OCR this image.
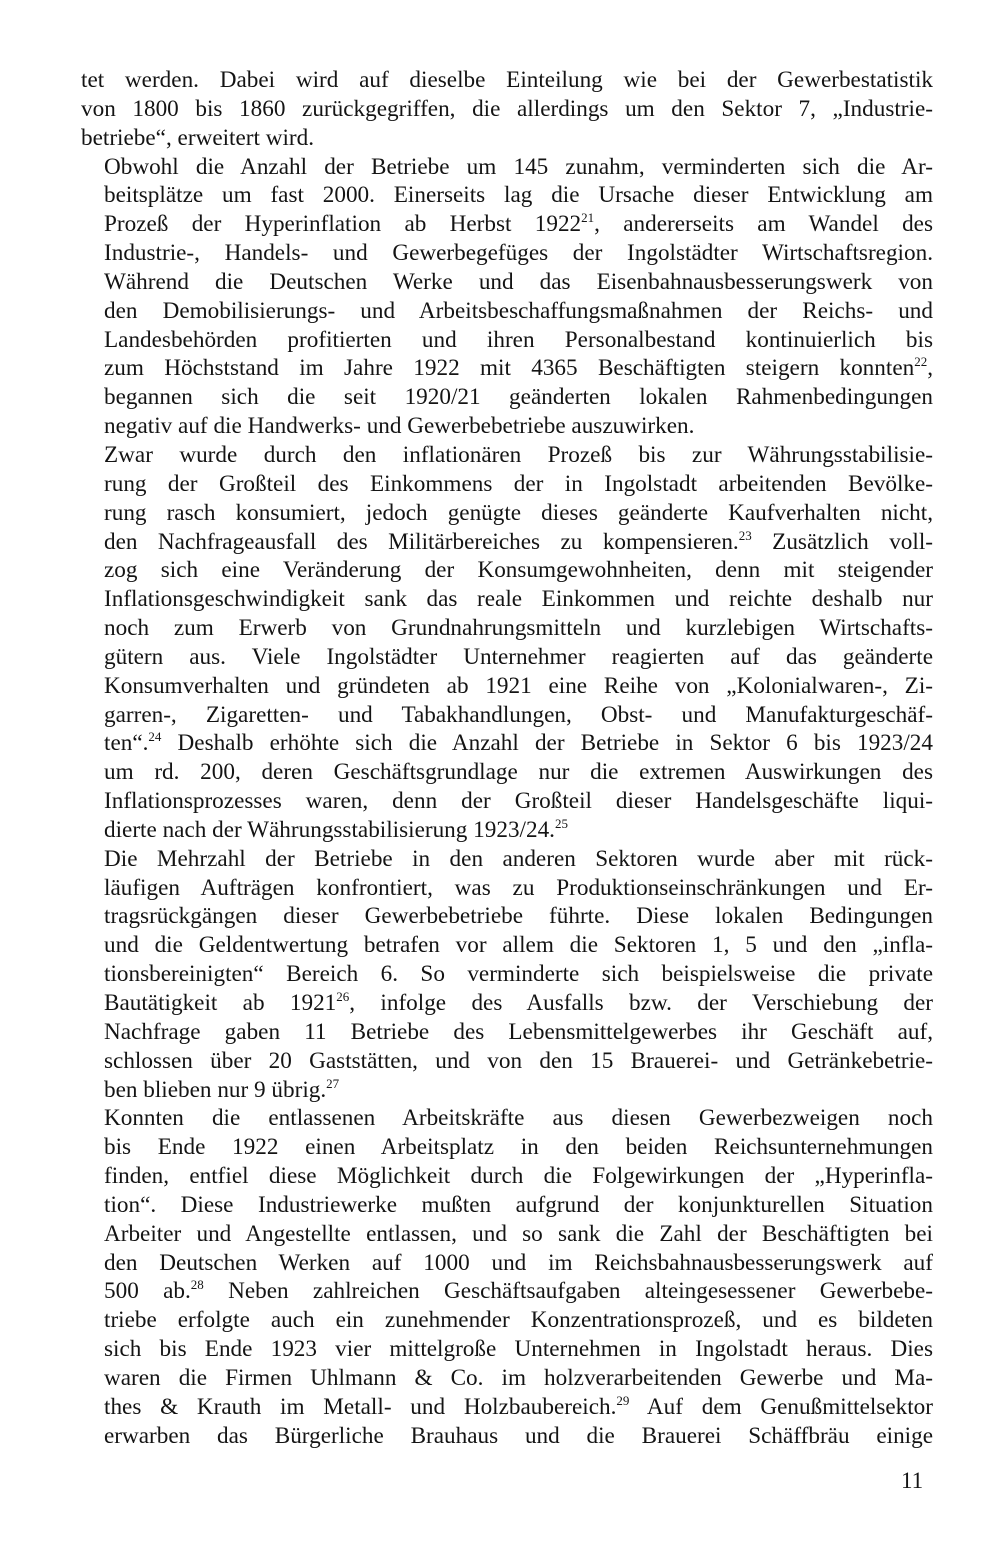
tet werden. Dabei wird auf dieselbe Einteilung wie bei der Gewerbestatistik
von 1800 bis 1860 zurückgegriffen, die allerdings um den Sektor 7, „Industrie-
betriebe“, erweitert wird.
Obwohl die Anzahl der Betriebe um 145 zunahm, verminderten sich die Ar-
beitsplätze um fast 2000. Einerseits lag die Ursache dieser Entwicklung am
Prozeß der Hyperinflation ab Herbst 1922$^{21}$, andererseits am Wandel des
Industrie-, Handels- und Gewerbegefüges der Ingolstädter Wirtschaftsregion.
Während die Deutschen Werke und das Eisenbahnausbesserungswerk von
den Demobilisierungs- und Arbeitsbeschaffungsmaßnahmen der Reichs- und
Landesbehörden profitierten und ihren Personalbestand kontinuierlich bis
zum Höchststand im Jahre 1922 mit 4365 Beschäftigten steigern konnten$^{22}$,
begannen sich die seit 1920/21 geänderten lokalen Rahmenbedingungen
negativ auf die Handwerks- und Gewerbebetriebe auszuwirken.
Zwar wurde durch den inflationären Prozeß bis zur Währungsstabilisie-
rung der Großteil des Einkommens der in Ingolstadt arbeitenden Bevölke-
rung rasch konsumiert, jedoch genügte dieses geänderte Kaufverhalten nicht,
den Nachfrageausfall des Militärbereiches zu kompensieren.$^{23}$ Zusätzlich voll-
zog sich eine Veränderung der Konsumgewohnheiten, denn mit steigender
Inflationsgeschwindigkeit sank das reale Einkommen und reichte deshalb nur
noch zum Erwerb von Grundnahrungsmitteln und kurzlebigen Wirtschafts-
gütern aus. Viele Ingolstädter Unternehmer reagierten auf das geänderte
Konsumverhalten und gründeten ab 1921 eine Reihe von „Kolonialwaren-, Zi-
garren-, Zigaretten- und Tabakhandlungen, Obst- und Manufakturgeschäf-
ten“.$^{24}$ Deshalb erhöhte sich die Anzahl der Betriebe in Sektor 6 bis 1923/24
um rd. 200, deren Geschäftsgrundlage nur die extremen Auswirkungen des
Inflationsprozesses waren, denn der Großteil dieser Handelsgeschäfte liqui-
dierte nach der Währungsstabilisierung 1923/24.25
Die Mehrzahl der Betriebe in den anderen Sektoren wurde aber mit rück-
läufigen Aufträgen konfrontiert, was zu Produktionseinschränkungen und Er-
tragsrückgängen dieser Gewerbebetriebe führte. Diese lokalen Bedingungen
und die Geldentwertung betrafen vor allem die Sektoren 1, 5 und den „infla-
tionsbereinigten“ Bereich 6. So verminderte sich beispielsweise die private
Bautätigkeit ab 1921$^{26}$, infolge des Ausfalls bzw. der Verschiebung der
Nachfrage gaben 11 Betriebe des Lebensmittelgewerbes ihr Geschäft auf,
schlossen über 20 Gaststätten, und von den 15 Brauerei- und Getränkebetrie-
ben blieben nur 9 übrig.$^{27}$
Konnten die entlassenen Arbeitskräfte aus diesen Gewerbezweigen noch
bis Ende 1922 einen Arbeitsplatz in den beiden Reichsunternehmungen
finden, entfiel diese Möglichkeit durch die Folgewirkungen der „Hyperinfla-
tion“. Diese Industriewerke mußten aufgrund der konjunkturellen Situation
Arbeiter und Angestellte entlassen, und so sank die Zahl der Beschäftigten bei
den Deutschen Werken auf 1000 und im Reichsbahnausbesserungswerk auf
500 ab.$^{28}$ Neben zahlreichen Geschäftsaufgaben alteingesessener Gewerbebe-
triebe erfolgte auch ein zunehmender Konzentrationsprozeß, und es bildeten
sich bis Ende 1923 vier mittelgroße Unternehmen in Ingolstadt heraus. Dies
waren die Firmen Uhlmann & Co. im holzverarbeitenden Gewerbe und Ma-
thes & Krauth im Metall- und Holzbaubereich.$^{29}$ Auf dem Genußmittelsektor
erwarben das Bürgerliche Brauhaus und die Brauerei Schäffbräu einige
11
